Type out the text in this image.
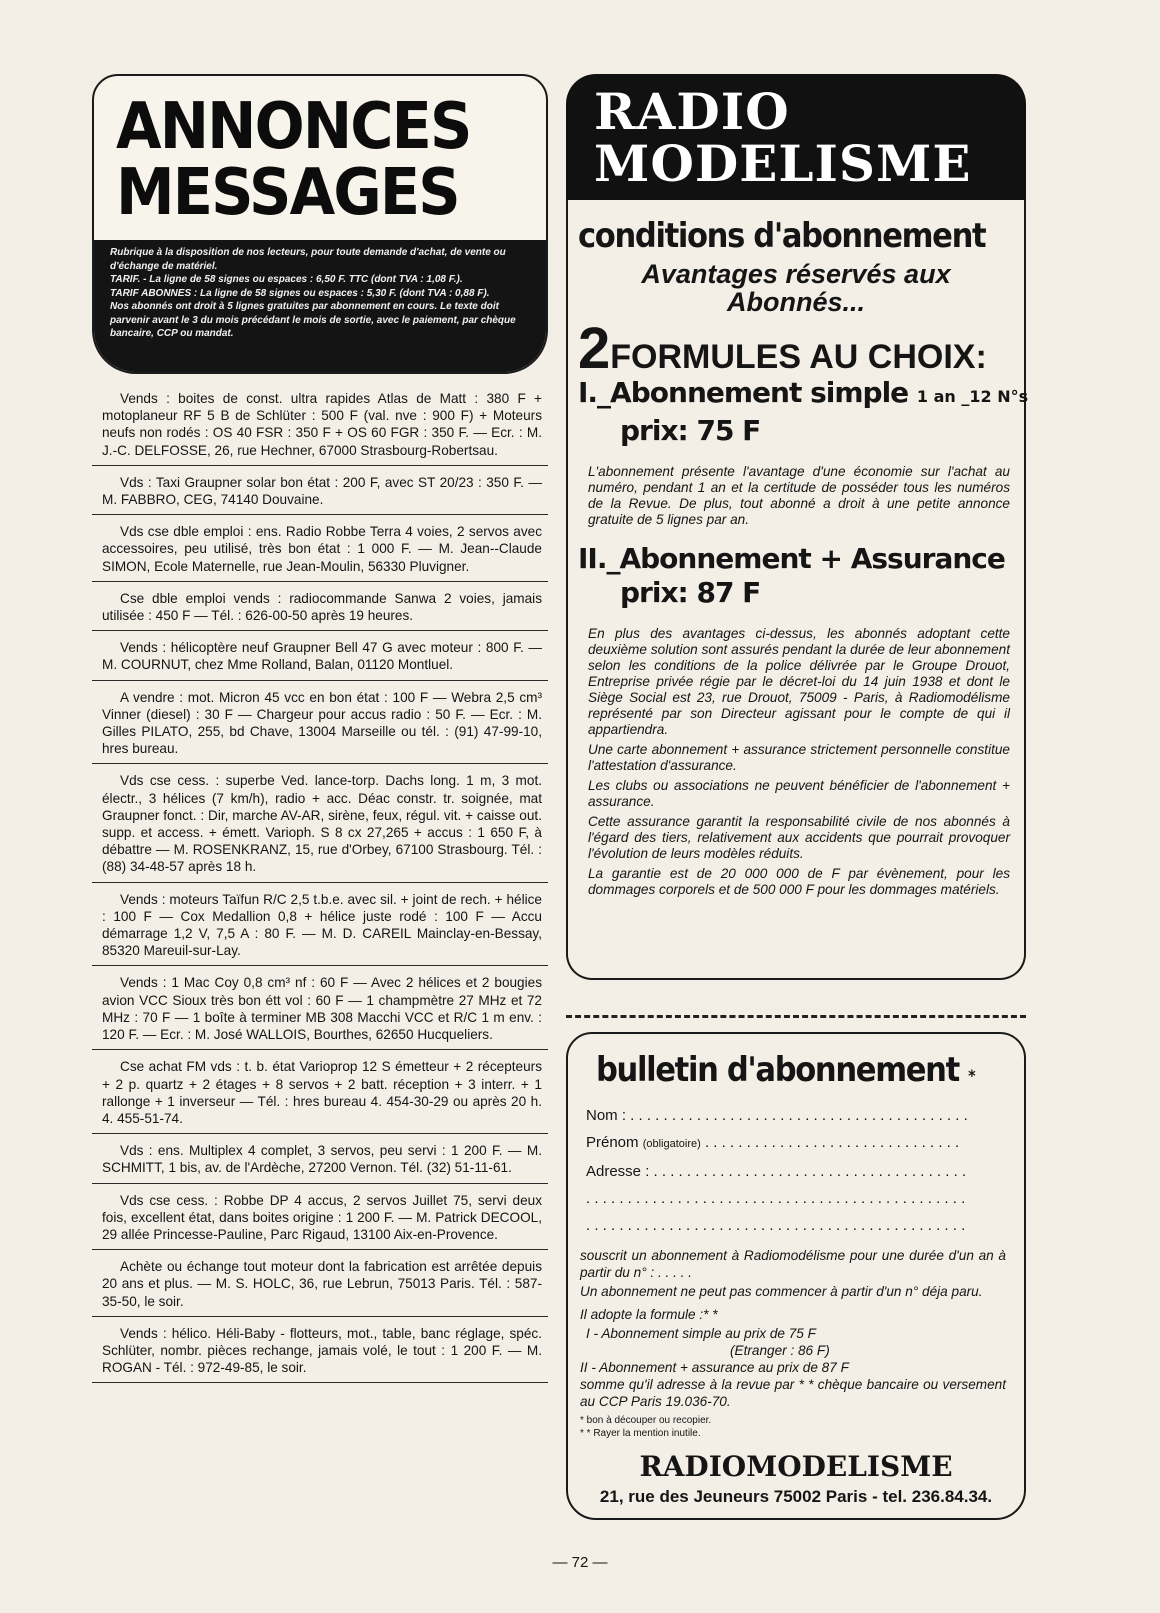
ANNONCES
MESSAGES

Rubrique à la disposition de nos lecteurs, pour toute demande d'achat, de vente ou d'échange de matériel.

TARIF. - La ligne de 58 signes ou espaces : 6,50 F. TTC (dont TVA : 1,08 F.).

TARIF ABONNES : La ligne de 58 signes ou espaces : 5,30 F. (dont TVA : 0,88 F).

Nos abonnés ont droit à 5 lignes gratuites par abonnement en cours. Le texte doit parvenir avant le 3 du mois précédant le mois de sortie, avec le paiement, par chèque bancaire, CCP ou mandat.

Vends : boites de const. ultra rapides Atlas de Matt : 380 F + motoplaneur RF 5 B de Schlüter : 500 F (val. nve : 900 F) + Moteurs neufs non rodés : OS 40 FSR : 350 F + OS 60 FGR : 350 F. — Ecr. : M. J.-C. DELFOSSE, 26, rue Hechner, 67000 Strasbourg-Robertsau.
Vds : Taxi Graupner solar bon état : 200 F, avec ST 20/23 : 350 F. — M. FABBRO, CEG, 74140 Douvaine.
Vds cse dble emploi : ens. Radio Robbe Terra 4 voies, 2 servos avec accessoires, peu utilisé, très bon état : 1 000 F. — M. Jean--Claude SIMON, Ecole Maternelle, rue Jean-Moulin, 56330 Pluvigner.
Cse dble emploi vends : radiocommande Sanwa 2 voies, jamais utilisée : 450 F — Tél. : 626-00-50 après 19 heures.
Vends : hélicoptère neuf Graupner Bell 47 G avec moteur : 800 F. — M. COURNUT, chez Mme Rolland, Balan, 01120 Montluel.
A vendre : mot. Micron 45 vcc en bon état : 100 F — Webra 2,5 cm³ Vinner (diesel) : 30 F — Chargeur pour accus radio : 50 F. — Ecr. : M. Gilles PILATO, 255, bd Chave, 13004 Marseille ou tél. : (91) 47-99-10, hres bureau.
Vds cse cess. : superbe Ved. lance-torp. Dachs long. 1 m, 3 mot. électr., 3 hélices (7 km/h), radio + acc. Déac constr. tr. soignée, mat Graupner fonct. : Dir, marche AV-AR, sirène, feux, régul. vit. + caisse out. supp. et access. + émett. Varioph. S 8 cx 27,265 + accus : 1 650 F, à débattre — M. ROSENKRANZ, 15, rue d'Orbey, 67100 Strasbourg. Tél. : (88) 34-48-57 après 18 h.
Vends : moteurs Taïfun R/C 2,5 t.b.e. avec sil. + joint de rech. + hélice : 100 F — Cox Medallion 0,8 + hélice juste rodé : 100 F — Accu démarrage 1,2 V, 7,5 A : 80 F. — M. D. CAREIL Mainclay-en-Bessay, 85320 Mareuil-sur-Lay.
Vends : 1 Mac Coy 0,8 cm³ nf : 60 F — Avec 2 hélices et 2 bougies avion VCC Sioux très bon étt vol : 60 F — 1 champmètre 27 MHz et 72 MHz : 70 F — 1 boîte à terminer MB 308 Macchi VCC et R/C 1 m env. : 120 F. — Ecr. : M. José WALLOIS, Bourthes, 62650 Hucqueliers.
Cse achat FM vds : t. b. état Varioprop 12 S émetteur + 2 récepteurs + 2 p. quartz + 2 étages + 8 servos + 2 batt. réception + 3 interr. + 1 rallonge + 1 inverseur — Tél. : hres bureau 4. 454-30-29 ou après 20 h. 4. 455-51-74.
Vds : ens. Multiplex 4 complet, 3 servos, peu servi : 1 200 F. — M. SCHMITT, 1 bis, av. de l'Ardèche, 27200 Vernon. Tél. (32) 51-11-61.
Vds cse cess. : Robbe DP 4 accus, 2 servos Juillet 75, servi deux fois, excellent état, dans boites origine : 1 200 F. — M. Patrick DECOOL, 29 allée Princesse-Pauline, Parc Rigaud, 13100 Aix-en-Provence.
Achète ou échange tout moteur dont la fabrication est arrêtée depuis 20 ans et plus. — M. S. HOLC, 36, rue Lebrun, 75013 Paris. Tél. : 587-35-50, le soir.
Vends : hélico. Héli-Baby - flotteurs, mot., table, banc réglage, spéc. Schlüter, nombr. pièces rechange, jamais volé, le tout : 1 200 F. — M. ROGAN - Tél. : 972-49-85, le soir.
RADIO
MODELISME
conditions d'abonnement
Avantages réservés aux Abonnés...
2FORMULES AU CHOIX:
I._Abonnement simple 1 an _12 N°s
prix: 75 F

L'abonnement présente l'avantage d'une économie sur l'achat au numéro, pendant 1 an et la certitude de posséder tous les numéros de la Revue. De plus, tout abonné a droit à une petite annonce gratuite de 5 lignes par an.

II._Abonnement + Assurance
prix: 87 F

En plus des avantages ci-dessus, les abonnés adoptant cette deuxième solution sont assurés pendant la durée de leur abonnement selon les conditions de la police délivrée par le Groupe Drouot, Entreprise privée régie par le décret-loi du 14 juin 1938 et dont le Siège Social est 23, rue Drouot, 75009 - Paris, à Radiomodélisme représenté par son Directeur agissant pour le compte de qui il appartiendra.

Une carte abonnement + assurance strictement personnelle constitue l'attestation d'assurance.

Les clubs ou associations ne peuvent bénéficier de l'abonnement + assurance.

Cette assurance garantit la responsabilité civile de nos abonnés à l'égard des tiers, relativement aux accidents que pourrait provoquer l'évolution de leurs modèles réduits.

La garantie est de 20 000 000 de F par évènement, pour les dommages corporels et de 500 000 F pour les dommages matériels.

bulletin d'abonnement *
Nom : . . . . . . . . . . . . . . . . . . . . . . . . . . . . . . . . . . . . . . . . .
Prénom (obligatoire) . . . . . . . . . . . . . . . . . . . . . . . . . . . . . . .
Adresse : . . . . . . . . . . . . . . . . . . . . . . . . . . . . . . . . . . . . . .
. . . . . . . . . . . . . . . . . . . . . . . . . . . . . . . . . . . . . . . . . . . . . .
. . . . . . . . . . . . . . . . . . . . . . . . . . . . . . . . . . . . . . . . . . . . . .

souscrit un abonnement à Radiomodélisme pour une durée d'un an à partir du n° : . . . . .

Un abonnement ne peut pas commencer à partir d'un n° déja paru.

Il adopte la formule :* *

I - Abonnement simple au prix de 75 F

(Etranger : 86 F)

II - Abonnement + assurance au prix de 87 F

somme qu'il adresse à la revue par * * chèque bancaire ou versement au CCP Paris 19.036-70.

* bon à découper ou recopier.
* * Rayer la mention inutile.
RADIOMODELISME
21, rue des Jeuneurs 75002 Paris - tel. 236.84.34.
— 72 —
